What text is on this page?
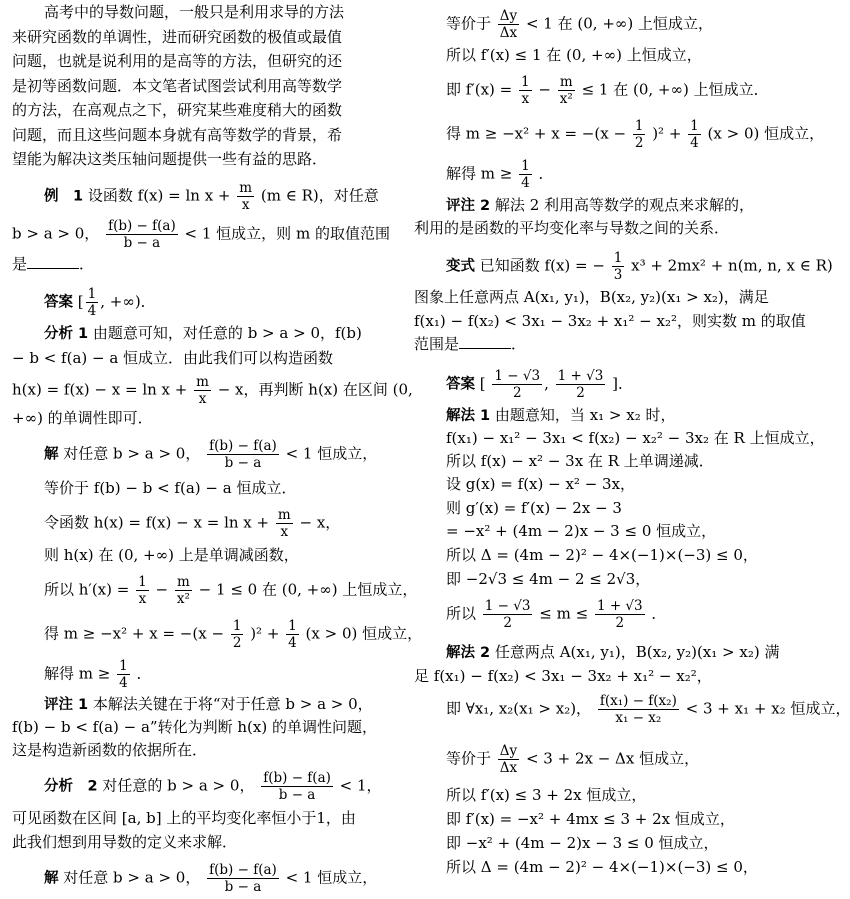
高考中的导数问题，一般只是利用求导的方法
来研究函数的单调性，进而研究函数的极值或最值
问题，也就是说利用的是高等的方法，但研究的还
是初等函数问题．本文笔者试图尝试利用高等数学
的方法，在高观点之下，研究某些难度稍大的函数
问题，而且这些问题本身就有高等数学的背景，希
望能为解决这类压轴问题提供一些有益的思路．
例　1 设函数 $f(x) = \ln x + \frac{m}{x} (m$ ∈ R)，对任意
b > a > 0， $\frac{f(b) - f(a)}{b - a} < 1$ 恒成立，则 m 的取值范围
是	．
答案 [ $\frac{1}{4}$ , +∞)．
分析 1 由题意可知，对任意的 b > a > 0，f(b)
− b < f(a) − a 恒成立．由此我们可以构造函数
$h(x) = f(x) - x = \ln x + \frac{m}{x} - x$，再判断 h(x) 在区间 (0,
+∞) 的单调性即可．
解 对任意 b > a > 0， $\frac{f(b) - f(a)}{b - a} < 1$ 恒成立，
等价于 f(b) − b < f(a) − a 恒成立．
令函数 $h(x) = f(x) - x = \ln x + \frac{m}{x} - x$，
则 h(x) 在 (0, +∞) 上是单调减函数，
所以 $h'(x) = \frac{1}{x} - \frac{m}{\text{x²}} - 1 \le 0$ 在 (0, +∞) 上恒成立，
得 $m \ge -x^2 + x = -(x - \frac{1}{2} )^2 + \frac{1}{4} (x > 0)$ 恒成立，
解得 $m \ge \frac{1}{4}$ ．
评注 1 本解法关键在于将“对于任意 b > a > 0，
f(b) − b < f(a) − a”转化为判断 h(x) 的单调性问题，
这是构造新函数的依据所在．
分析　2 对任意的 b > a > 0， $\frac{f(b) - f(a)}{b - a} < 1$，
可见函数在区间 [a, b] 上的平均变化率恒小于1，由
此我们想到用导数的定义来求解．
解 对任意 b > a > 0， $\frac{f(b) - f(a)}{b - a} < 1$ 恒成立，
等价于 $\frac{\Delta y}{\Delta x} < 1$ 在 (0, +∞) 上恒成立，
所以 f′(x) ≤ 1 在 (0, +∞) 上恒成立，
即 $f'(x) = \frac{1}{x} - \frac{m}{\text{x²}} \le 1$ 在 (0, +∞) 上恒成立．
得 $m \ge -x^2 + x = -(x - \frac{1}{2} )^2 + \frac{1}{4} (x > 0)$ 恒成立，
解得 $m \ge \frac{1}{4}$ ．
评注 2 解法 2 利用高等数学的观点来求解的，
利用的是函数的平均变化率与导数之间的关系．
变式 已知函数 f(x) = − $\frac{1}{3} x^3 + 2mx^2 + n(m$, n, x ∈ R)
图象上任意两点 A(x₁, y₁)，B(x₂, y₂)(x₁ > x₂)，满足
f(x₁) − f(x₂) < 3x₁ − 3x₂ + x₁² − x₂²，则实数 m 的取值
范围是	．
答案 [ $\frac{1 - √3}{2}$ , $\frac{1 + √3}{2}$ ]．
解法 1 由题意知，当 x₁ > x₂ 时，
f(x₁) − x₁² − 3x₁ < f(x₂) − x₂² − 3x₂ 在 R 上恒成立，
所以 f(x) − x² − 3x 在 R 上单调递减．
设 g(x) = f(x) − x² − 3x，
则 g′(x) = f′(x) − 2x − 3
= −x² + (4m − 2)x − 3 ≤ 0 恒成立，
所以 Δ = (4m − 2)² − 4×(−1)×(−3) ≤ 0，
即 −2√3 ≤ 4m − 2 ≤ 2√3，
所以 $\frac{1 - √3}{2} \le m \le \frac{1 + √3}{2}$ ．
解法 2 任意两点 A(x₁, y₁)，B(x₂, y₂)(x₁ > x₂) 满
足 f(x₁) − f(x₂) < 3x₁ − 3x₂ + x₁² − x₂²，
即 ∀x₁, x₂(x₁ > x₂)， $\frac{\text{f(x₁) − f(x₂)}}{\text{x₁ − x₂}} < 3 + x_1 + x_2$ 恒成立，
等价于 $\frac{\Delta y}{\Delta x} < 3 + 2x - \Delta x$ 恒成立，
所以 f′(x) ≤ 3 + 2x 恒成立，
即 f′(x) = −x² + 4mx ≤ 3 + 2x 恒成立，
即 −x² + (4m − 2)x − 3 ≤ 0 恒成立，
所以 Δ = (4m − 2)² − 4×(−1)×(−3) ≤ 0，
